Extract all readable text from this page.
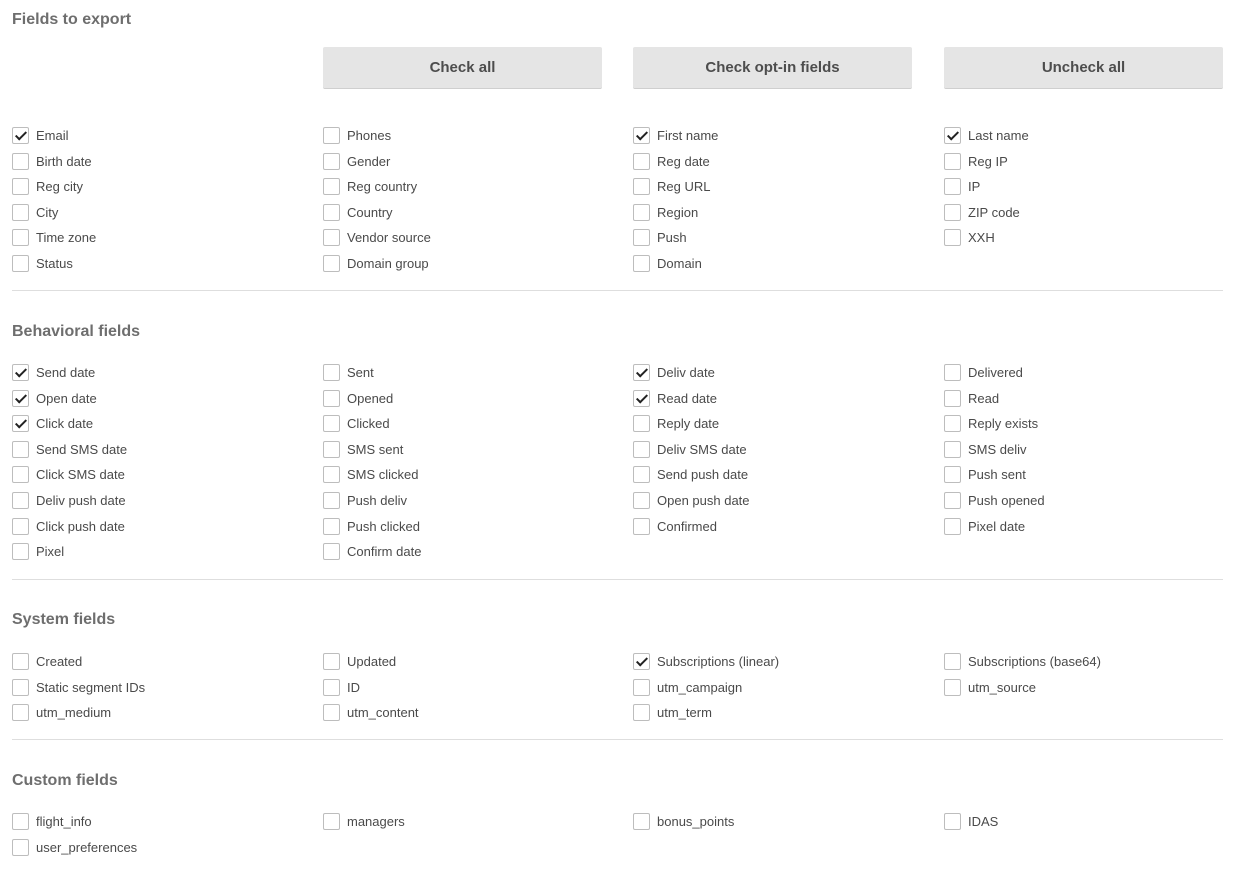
Fields to export
Check all	Check opt-in fields	Uncheck all
Email	Phones	First name	Last name
Birth date	Gender	Reg date	Reg IP
Reg city	Reg country	Reg URL	IP
City	Country	Region	ZIP code
Time zone	Vendor source	Push	XXH
Status	Domain group	Domain
Behavioral fields
Send date	Sent	Deliv date	Delivered
Open date	Opened	Read date	Read
Click date	Clicked	Reply date	Reply exists
Send SMS date	SMS sent	Deliv SMS date	SMS deliv
Click SMS date	SMS clicked	Send push date	Push sent
Deliv push date	Push deliv	Open push date	Push opened
Click push date	Push clicked	Confirmed	Pixel date
Pixel	Confirm date
System fields
Created	Updated	Subscriptions (linear)	Subscriptions (base64)
Static segment IDs	ID	utm_campaign	utm_source
utm_medium	utm_content	utm_term
Custom fields
flight_info	managers	bonus_points	IDAS
user_preferences
